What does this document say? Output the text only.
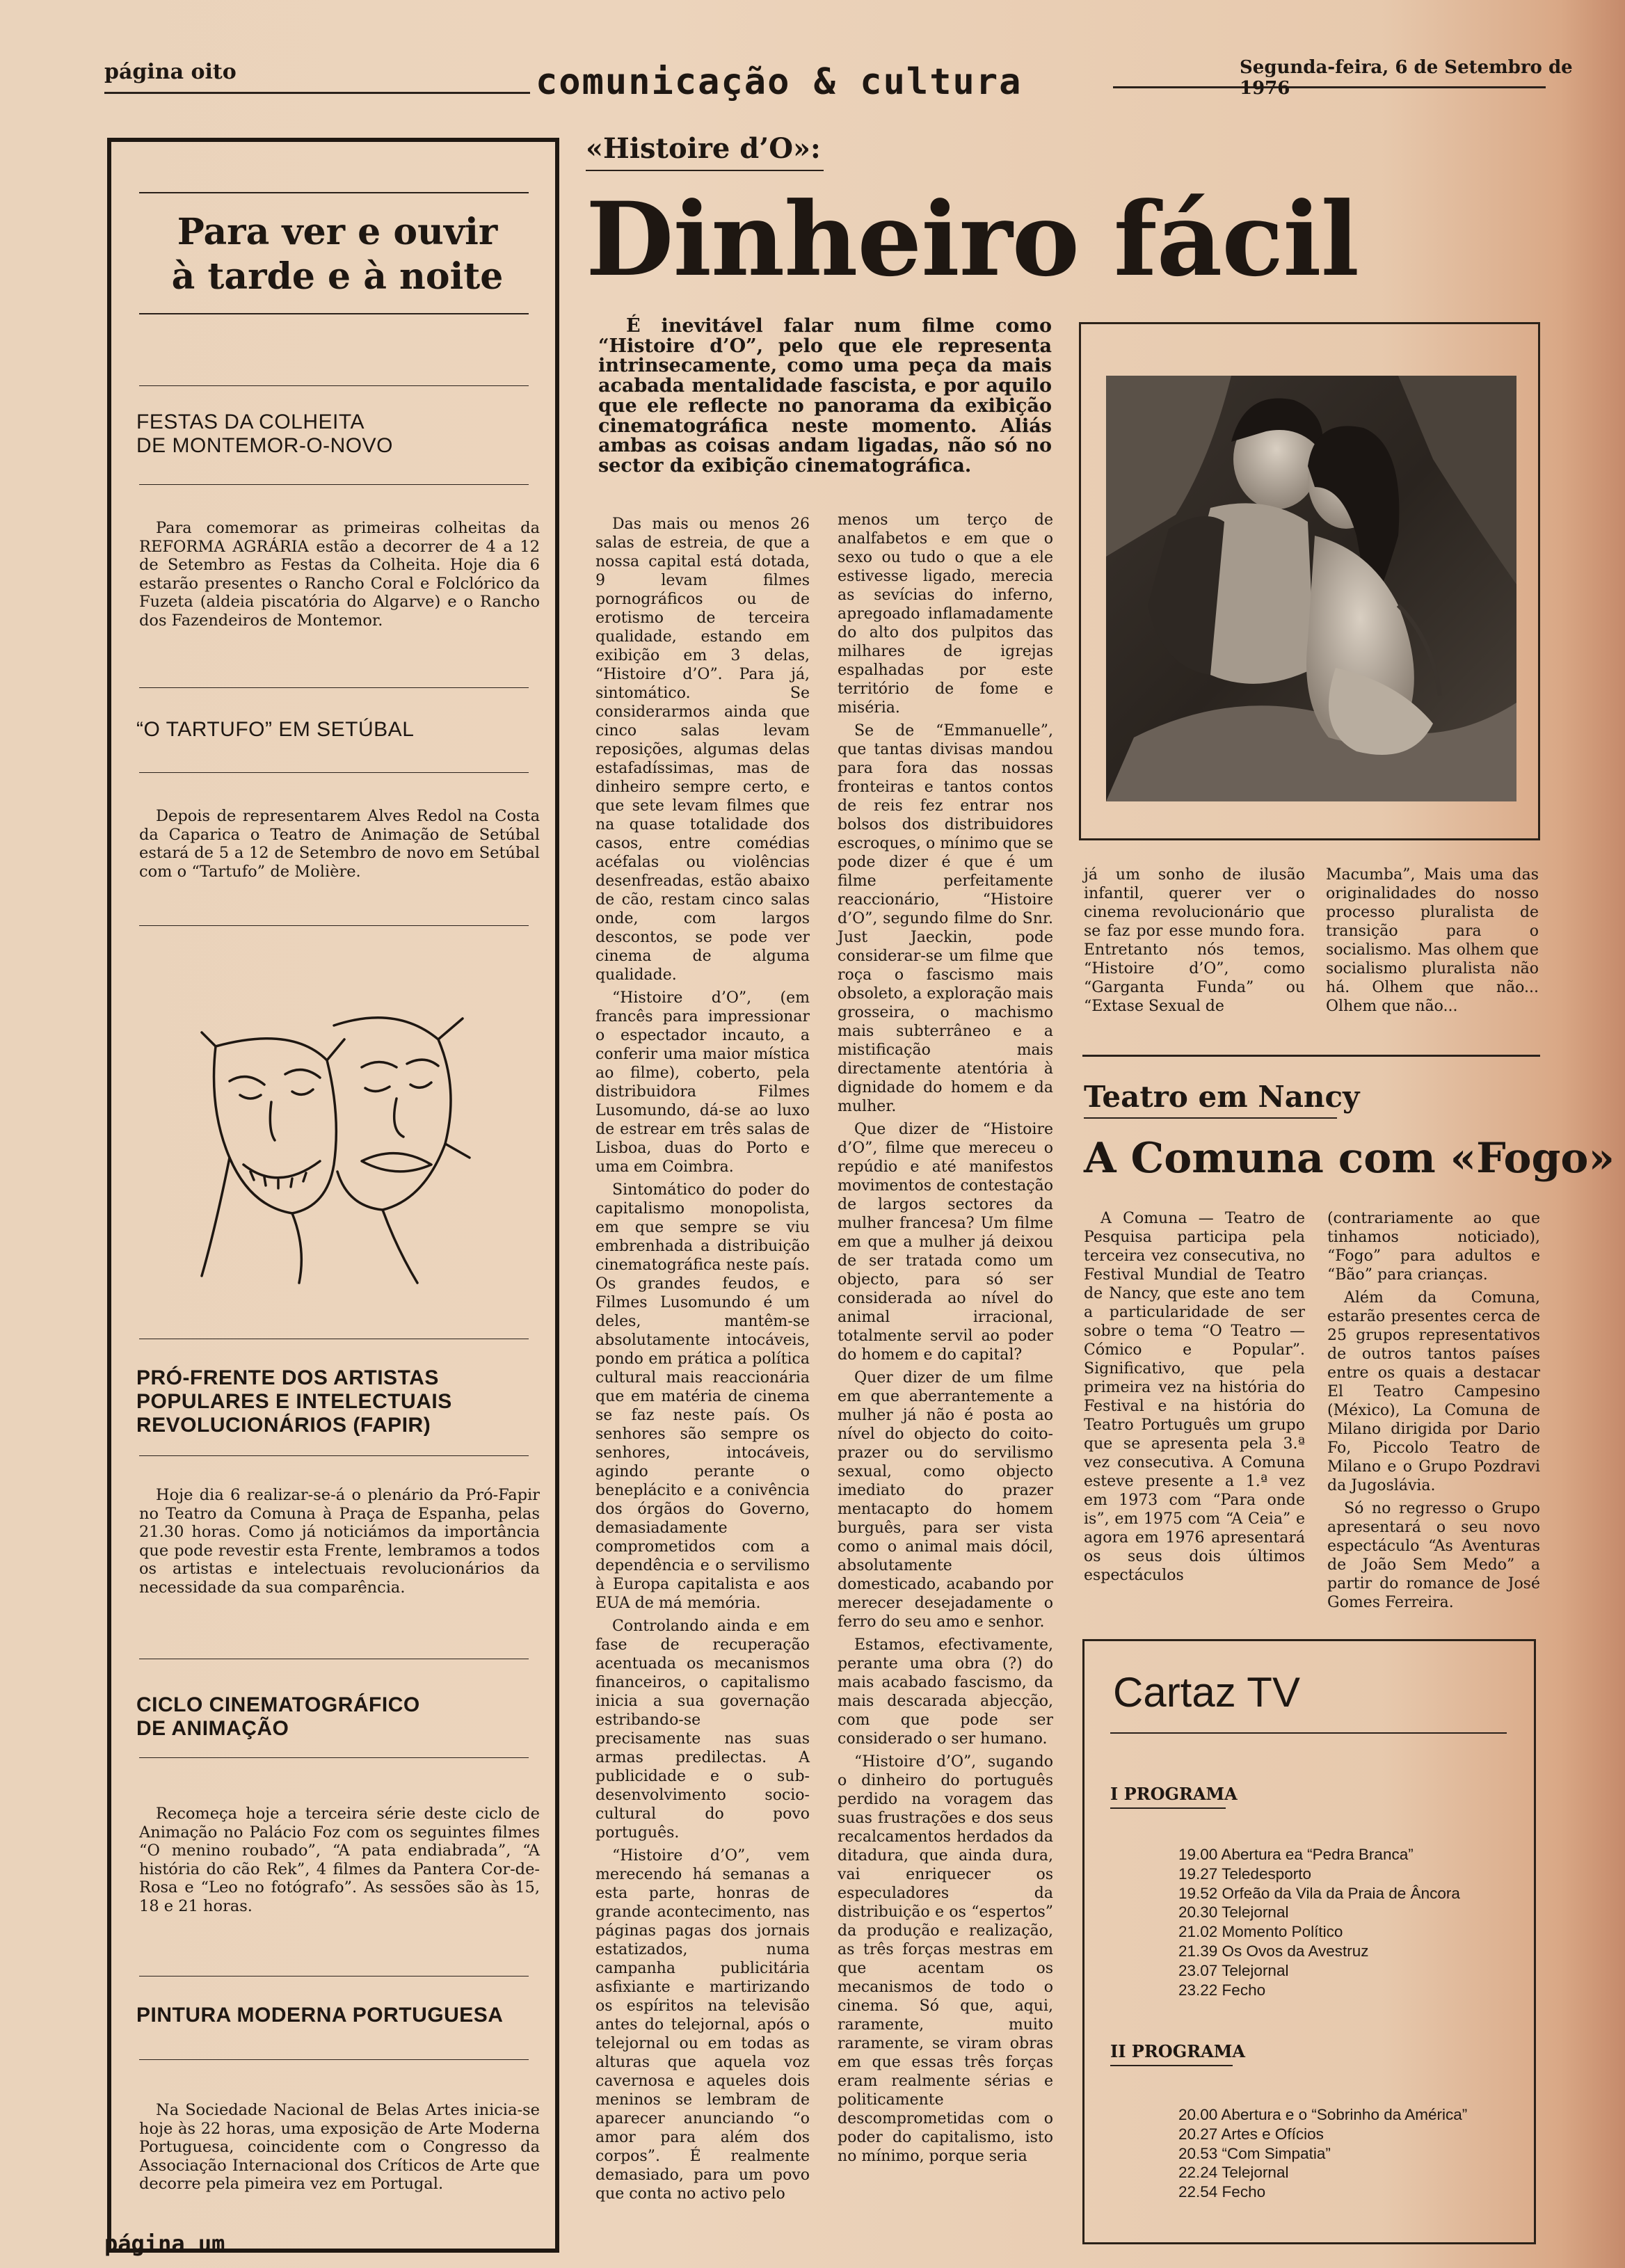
página oito	comunicação & cultura	Segunda-feira, 6 de Setembro de 1976
Para ver e ouvir
à tarde e à noite
FESTAS DA COLHEITA
DE MONTEMOR-O-NOVO
Para comemorar as primeiras colheitas da REFORMA AGRÁRIA estão a decorrer de 4 a 12 de Setembro as Festas da Colheita. Hoje dia 6 estarão presentes o Rancho Coral e Folclórico da Fuzeta (aldeia piscatória do Algarve) e o Rancho dos Fazendeiros de Montemor.
“O TARTUFO” EM SETÚBAL
Depois de representarem Alves Redol na Costa da Caparica o Teatro de Animação de Setúbal estará de 5 a 12 de Setembro de novo em Setúbal com o “Tartufo” de Molière.
PRÓ-FRENTE DOS ARTISTAS
POPULARES E INTELECTUAIS
REVOLUCIONÁRIOS (FAPIR)
Hoje dia 6 realizar-se-á o plenário da Pró-Fapir no Teatro da Comuna à Praça de Espanha, pelas 21.30 horas. Como já noticiámos da importância que pode revestir esta Frente, lembramos a todos os artistas e intelectuais revolucionários da necessidade da sua comparência.
CICLO CINEMATOGRÁFICO
DE ANIMAÇÃO
Recomeça hoje a terceira série deste ciclo de Animação no Palácio Foz com os seguintes filmes “O menino roubado”, “A pata endiabrada”, “A história do cão Rek”, 4 filmes da Pantera Cor-de-Rosa e “Leo no fotógrafo”. As sessões são às 15, 18 e 21 horas.
PINTURA MODERNA PORTUGUESA
Na Sociedade Nacional de Belas Artes inicia-se hoje às 22 horas, uma exposição de Arte Moderna Portuguesa, coincidente com o Congresso da Associação Internacional dos Críticos de Arte que decorre pela pimeira vez em Portugal.
«Histoire d’O»:
Dinheiro fácil
É inevitável falar num filme como “Histoire d’O”, pelo que ele representa intrinsecamente, como uma peça da mais acabada mentalidade fascista, e por aquilo que ele reflecte no panorama da exibição cinematográfica neste momento. Aliás ambas as coisas andam ligadas, não só no sector da exibição cinematográfica.

Das mais ou menos 26 salas de estreia, de que a nossa capital está dotada, 9 levam filmes pornográficos ou de erotismo de terceira qualidade, estando em exibição em 3 delas, “Histoire d’O”. Para já, sintomático. Se considerarmos ainda que cinco salas levam reposições, algumas delas estafadíssimas, mas de dinheiro sempre certo, e que sete levam filmes que na quase totalidade dos casos, entre comédias acéfalas ou violências desenfreadas, estão abaixo de cão, restam cinco salas onde, com largos descontos, se pode ver cinema de alguma qualidade.

“Histoire d’O”, (em francês para impressionar o espectador incauto, a conferir uma maior mística ao filme), coberto, pela distribuidora Filmes Lusomundo, dá-se ao luxo de estrear em três salas de Lisboa, duas do Porto e uma em Coimbra.

Sintomático do poder do capitalismo monopolista, em que sempre se viu embrenhada a distribuição cinematográfica neste país. Os grandes feudos, e Filmes Lusomundo é um deles, mantêm-se absolutamente intocáveis, pondo em prática a política cultural mais reaccionária que em matéria de cinema se faz neste país. Os senhores são sempre os senhores, intocáveis, agindo perante o beneplácito e a conivência dos órgãos do Governo, demasiadamente comprometidos com a dependência e o servilismo à Europa capitalista e aos EUA de má memória.

Controlando ainda e em fase de recuperação acentuada os mecanismos financeiros, o capitalismo inicia a sua governação estribando-se precisamente nas suas armas predilectas. A publicidade e o sub-desenvolvimento socio-cultural do povo português.

“Histoire d’O”, vem merecendo há semanas a esta parte, honras de grande acontecimento, nas páginas pagas dos jornais estatizados, numa campanha publicitária asfixiante e martirizando os espíritos na televisão antes do telejornal, após o telejornal ou em todas as alturas que aquela voz cavernosa e aqueles dois meninos se lembram de aparecer anunciando “o amor para além dos corpos”. É realmente demasiado, para um povo que conta no activo pelo

menos um terço de analfabetos e em que o sexo ou tudo o que a ele estivesse ligado, merecia as sevícias do inferno, apregoado inflamadamente do alto dos pulpitos das milhares de igrejas espalhadas por este território de fome e miséria.

Se de “Emmanuelle”, que tantas divisas mandou para fora das nossas fronteiras e tantos contos de reis fez entrar nos bolsos dos distribuidores escroques, o mínimo que se pode dizer é que é um filme perfeitamente reaccionário, “Histoire d’O”, segundo filme do Snr. Just Jaeckin, pode considerar-se um filme que roça o fascismo mais obsoleto, a exploração mais grosseira, o machismo mais subterrâneo e a mistificação mais directamente atentória à dignidade do homem e da mulher.

Que dizer de “Histoire d’O”, filme que mereceu o repúdio e até manifestos movimentos de contestação de largos sectores da mulher francesa? Um filme em que a mulher já deixou de ser tratada como um objecto, para só ser considerada ao nível do animal irracional, totalmente servil ao poder do homem e do capital?

Quer dizer de um filme em que aberrantemente a mulher já não é posta ao nível do objecto do coito-prazer ou do servilismo sexual, como objecto imediato do prazer mentacapto do homem burguês, para ser vista como o animal mais dócil, absolutamente domesticado, acabando por merecer desejadamente o ferro do seu amo e senhor.

Estamos, efectivamente, perante uma obra (?) do mais acabado fascismo, da mais descarada abjecção, com que pode ser considerado o ser humano.

“Histoire d’O”, sugando o dinheiro do português perdido na voragem das suas frustrações e dos seus recalcamentos herdados da ditadura, que ainda dura, vai enriquecer os especuladores da distribuição e os “espertos” da produção e realização, as três forças mestras em que acentam os mecanismos de todo o cinema. Só que, aqui, raramente, muito raramente, se viram obras em que essas três forças eram realmente sérias e politicamente descomprometidas com o poder do capitalismo, isto no mínimo, porque seria

já um sonho de ilusão infantil, querer ver o cinema revolucionário que se faz por esse mundo fora. Entretanto nós temos, “Histoire d’O”, como “Garganta Funda” ou “Extase Sexual de

Macumba”, Mais uma das originalidades do nosso processo pluralista de transição para o socialismo. Mas olhem que socialismo pluralista não há. Olhem que não... Olhem que não...

Teatro em Nancy
A Comuna com «Fogo»

A Comuna — Teatro de Pesquisa participa pela terceira vez consecutiva, no Festival Mundial de Teatro de Nancy, que este ano tem a particularidade de ser sobre o tema “O Teatro — Cómico e Popular”. Significativo, que pela primeira vez na história do Festival e na história do Teatro Português um grupo que se apresenta pela 3.ª vez consecutiva. A Comuna esteve presente a 1.ª vez em 1973 com “Para onde is”, em 1975 com “A Ceia” e agora em 1976 apresentará os seus dois últimos espectáculos

(contrariamente ao que tinhamos noticiado), “Fogo” para adultos e “Bão” para crianças.

Além da Comuna, estarão presentes cerca de 25 grupos representativos de outros tantos países entre os quais a destacar El Teatro Campesino (México), La Comuna de Milano dirigida por Dario Fo, Piccolo Teatro de Milano e o Grupo Pozdravi da Jugoslávia.

Só no regresso o Grupo apresentará o seu novo espectáculo “As Aventuras de João Sem Medo” a partir do romance de José Gomes Ferreira.

Cartaz TV
I PROGRAMA
19.00 Abertura ea “Pedra Branca”
19.27 Teledesporto
19.52 Orfeão da Vila da Praia de Âncora
20.30 Telejornal
21.02 Momento Político
21.39 Os Ovos da Avestruz
23.07 Telejornal
23.22 Fecho
II PROGRAMA
20.00 Abertura e o “Sobrinho da América”
20.27 Artes e Ofícios
20.53 “Com Simpatia”
22.24 Telejornal
22.54 Fecho
página um
